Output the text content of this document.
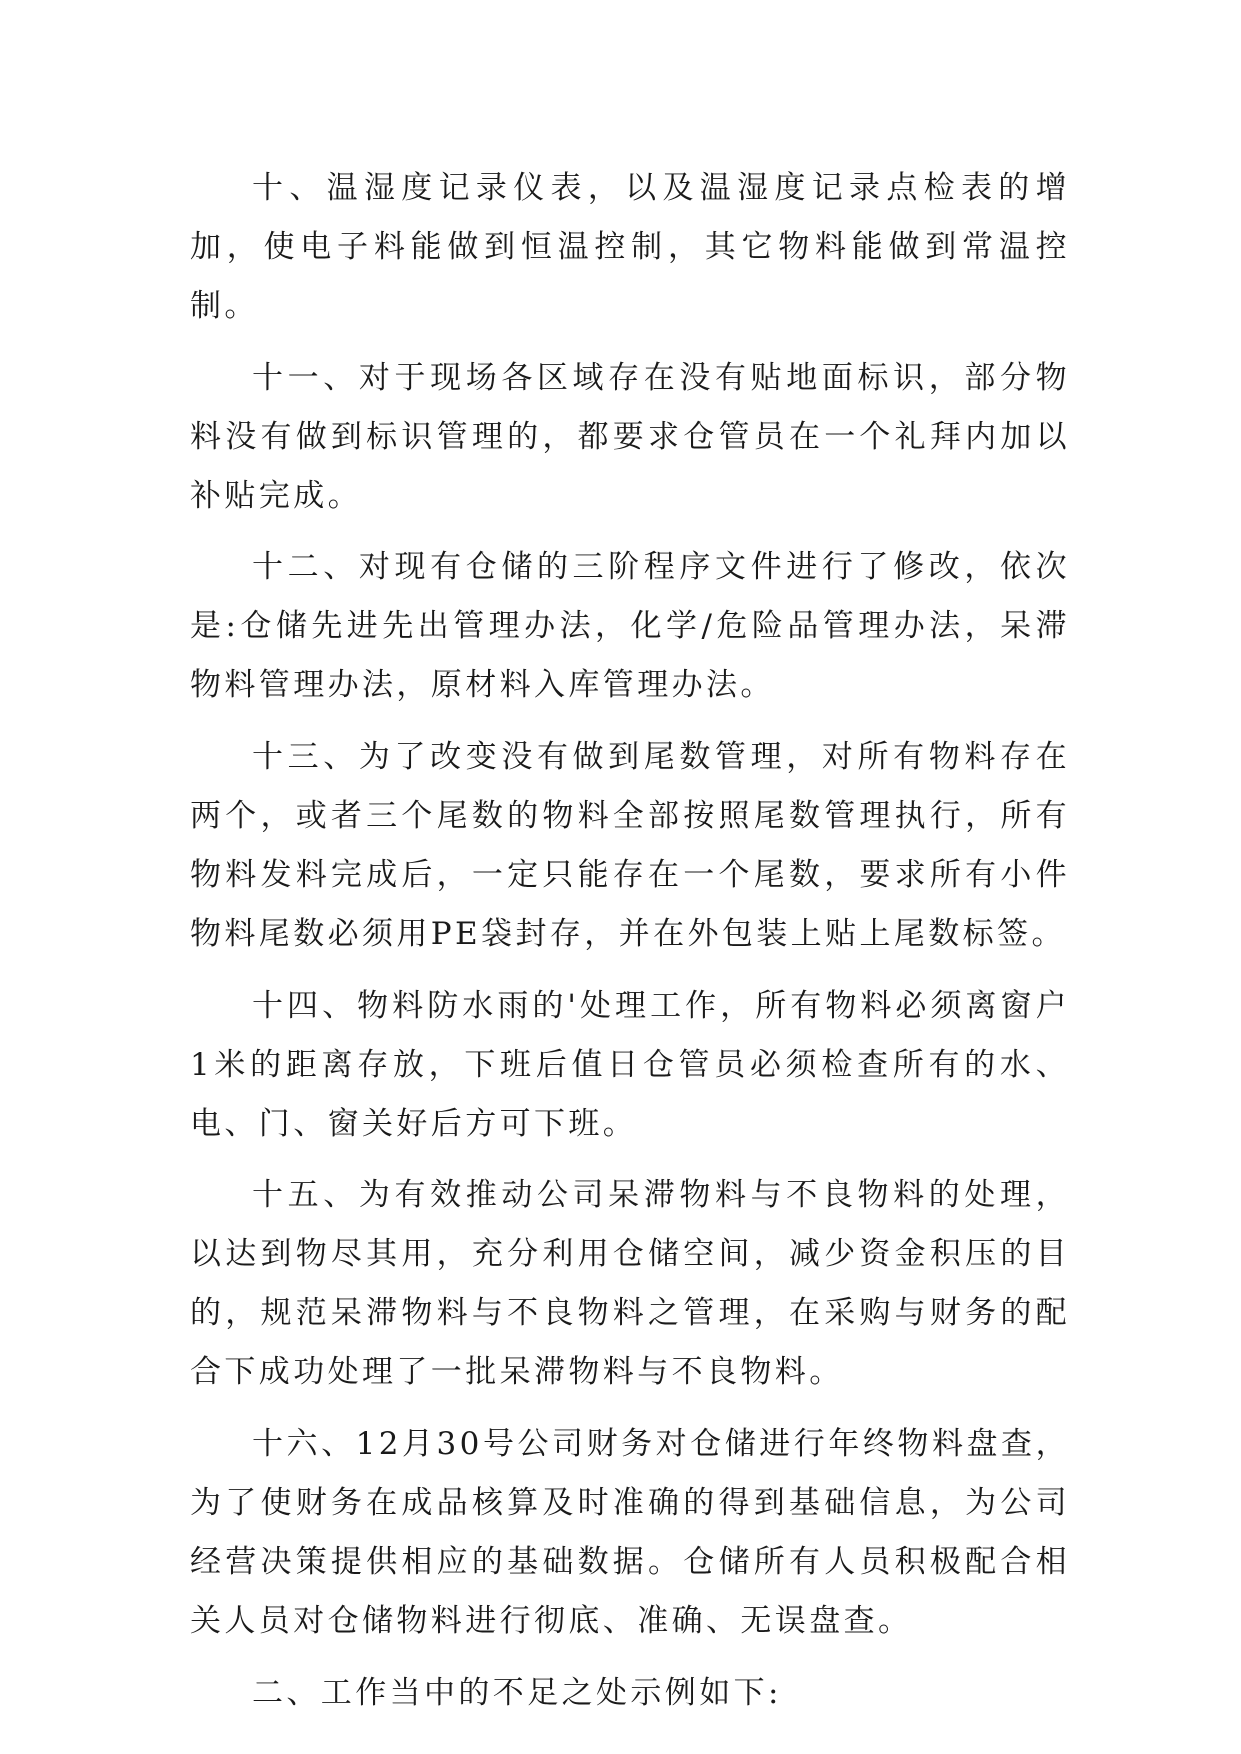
十、温湿度记录仪表，以及温湿度记录点检表的增加，使电子料能做到恒温控制，其它物料能做到常温控制。

十一、对于现场各区域存在没有贴地面标识，部分物料没有做到标识管理的，都要求仓管员在一个礼拜内加以补贴完成。

十二、对现有仓储的三阶程序文件进行了修改，依次是:仓储先进先出管理办法，化学/危险品管理办法，呆滞物料管理办法，原材料入库管理办法。

十三、为了改变没有做到尾数管理，对所有物料存在两个，或者三个尾数的物料全部按照尾数管理执行，所有物料发料完成后，一定只能存在一个尾数，要求所有小件物料尾数必须用PE袋封存，并在外包装上贴上尾数标签。

十四、物料防水雨的'处理工作，所有物料必须离窗户1米的距离存放，下班后值日仓管员必须检查所有的水、电、门、窗关好后方可下班。

十五、为有效推动公司呆滞物料与不良物料的处理，以达到物尽其用，充分利用仓储空间，减少资金积压的目的，规范呆滞物料与不良物料之管理，在采购与财务的配合下成功处理了一批呆滞物料与不良物料。

十六、12月30号公司财务对仓储进行年终物料盘查，为了使财务在成品核算及时准确的得到基础信息，为公司经营决策提供相应的基础数据。仓储所有人员积极配合相关人员对仓储物料进行彻底、准确、无误盘查。

二、工作当中的不足之处示例如下:
